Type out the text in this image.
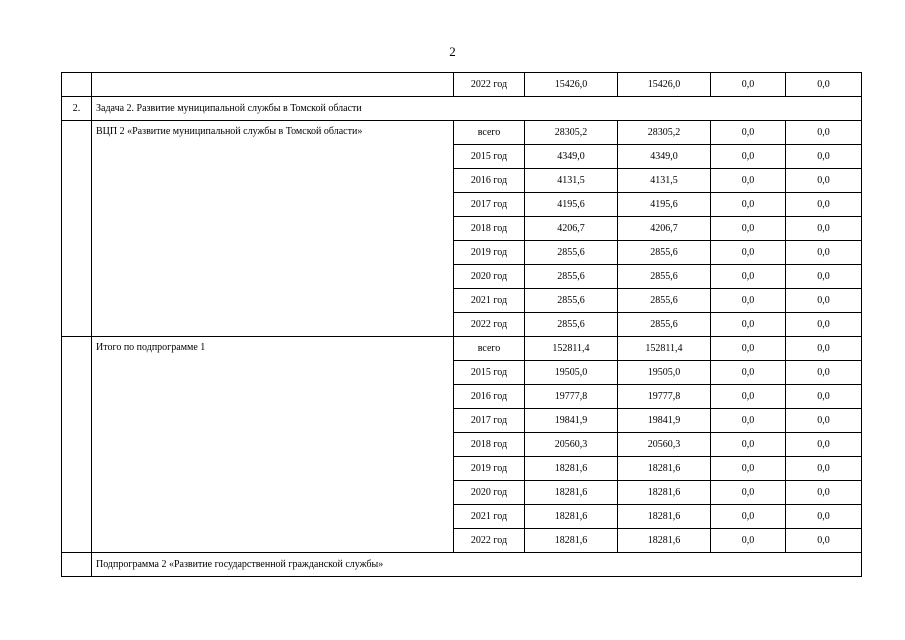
2
		2022 год	15426,0	15426,0	0,0	0,0
2.	Задача 2. Развитие муниципальной службы в Томской области					
	ВЦП 2 «Развитие муниципальной службы в Томской области»	всего	28305,2	28305,2	0,0	0,0
		2015 год	4349,0	4349,0	0,0	0,0
		2016 год	4131,5	4131,5	0,0	0,0
		2017 год	4195,6	4195,6	0,0	0,0
		2018 год	4206,7	4206,7	0,0	0,0
		2019 год	2855,6	2855,6	0,0	0,0
		2020 год	2855,6	2855,6	0,0	0,0
		2021 год	2855,6	2855,6	0,0	0,0
		2022 год	2855,6	2855,6	0,0	0,0
	Итого по подпрограмме 1	всего	152811,4	152811,4	0,0	0,0
		2015 год	19505,0	19505,0	0,0	0,0
		2016 год	19777,8	19777,8	0,0	0,0
		2017 год	19841,9	19841,9	0,0	0,0
		2018 год	20560,3	20560,3	0,0	0,0
		2019 год	18281,6	18281,6	0,0	0,0
		2020 год	18281,6	18281,6	0,0	0,0
		2021 год	18281,6	18281,6	0,0	0,0
		2022 год	18281,6	18281,6	0,0	0,0
	Подпрограмма 2 «Развитие государственной гражданской службы»					
